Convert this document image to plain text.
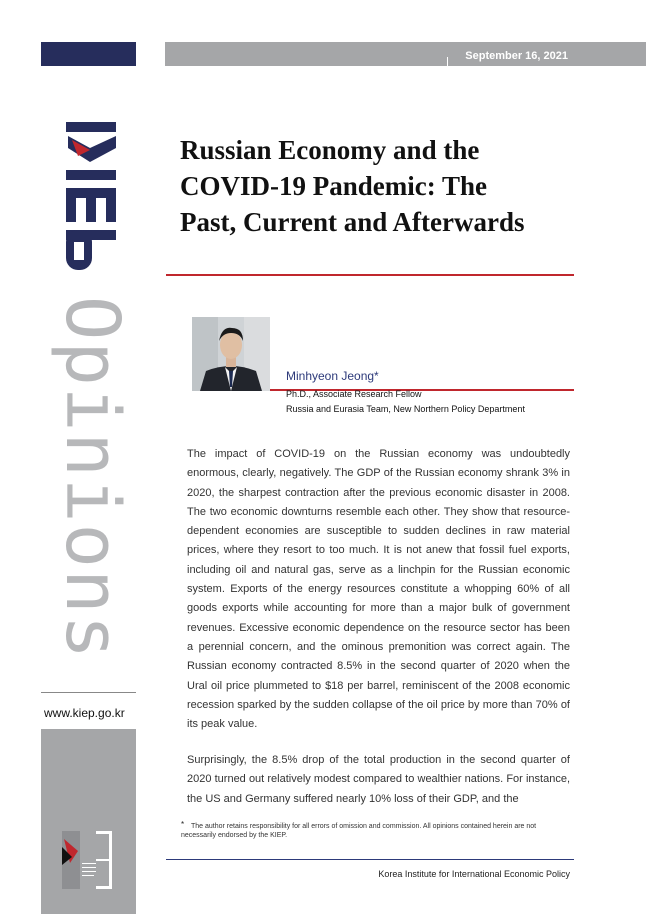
September 16, 2021
Opinions
www.kiep.go.kr
Russian Economy and the
COVID-19 Pandemic: The
Past, Current and Afterwards
Minhyeon Jeong*
Ph.D., Associate Research Fellow
Russia and Eurasia Team, New Northern Policy Department

The impact of COVID-19 on the Russian economy was undoubtedly enormous, clearly, negatively. The GDP of the Russian economy shrank 3% in 2020, the sharpest contraction after the previous economic disaster in 2008. The two economic downturns resemble each other. They show that resource-dependent economies are susceptible to sudden declines in raw material prices, where they resort to too much. It is not anew that fossil fuel exports, including oil and natural gas, serve as a linchpin for the Russian economic system. Exports of the energy resources constitute a whopping 60% of all goods exports while accounting for more than a major bulk of government revenues. Excessive economic dependence on the resource sector has been a perennial concern, and the ominous premonition was correct again. The Russian economy contracted 8.5% in the second quarter of 2020 when the Ural oil price plummeted to $18 per barrel, reminiscent of the 2008 economic recession sparked by the sudden collapse of the oil price by more than 70% of its peak value.

Surprisingly, the 8.5% drop of the total production in the second quarter of 2020 turned out relatively modest compared to wealthier nations. For instance, the US and Germany suffered nearly 10% loss of their GDP, and the

* The author retains responsibility for all errors of omission and commission. All opinions contained herein are not necessarily endorsed by the KIEP.
Korea Institute for International Economic Policy
